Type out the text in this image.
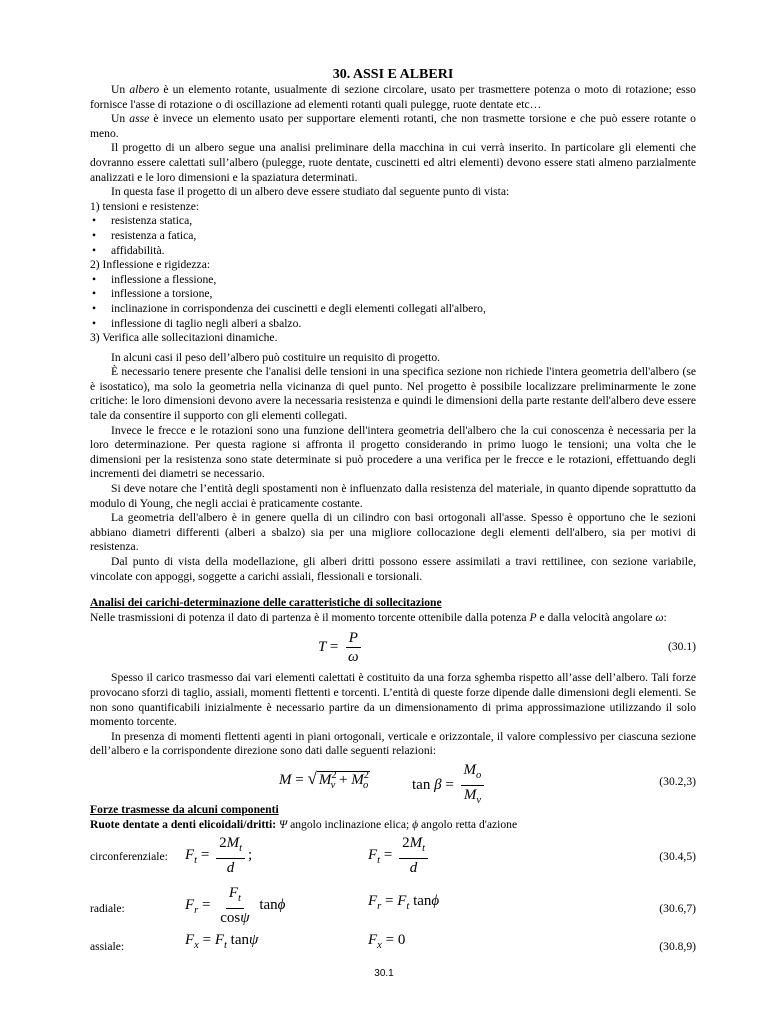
30. ASSI E ALBERI

Un albero è un elemento rotante, usualmente di sezione circolare, usato per trasmettere potenza o moto di rotazione; esso fornisce l'asse di rotazione o di oscillazione ad elementi rotanti quali pulegge, ruote dentate etc…

Un asse è invece un elemento usato per supportare elementi rotanti, che non trasmette torsione e che può essere rotante o meno.

Il progetto di un albero segue una analisi preliminare della macchina in cui verrà inserito. In particolare gli elementi che dovranno essere calettati sull’albero (pulegge, ruote dentate, cuscinetti ed altri elementi) devono essere stati almeno parzialmente analizzati e le loro dimensioni e la spaziatura determinati.

In questa fase il progetto di un albero deve essere studiato dal seguente punto di vista:

1) tensioni e resistenze:
• resistenza statica,
• resistenza a fatica,
• affidabilità.
2) Inflessione e rigidezza:
• inflessione a flessione,
• inflessione a torsione,
• inclinazione in corrispondenza dei cuscinetti e degli elementi collegati all'albero,
• inflessione di taglio negli alberi a sbalzo.
3) Verifica alle sollecitazioni dinamiche.

In alcuni casi il peso dell’albero può costituire un requisito di progetto.

È necessario tenere presente che l'analisi delle tensioni in una specifica sezione non richiede l'intera geometria dell'albero (se è isostatico), ma solo la geometria nella vicinanza di quel punto. Nel progetto è possibile localizzare preliminarmente le zone critiche: le loro dimensioni devono avere la necessaria resistenza e quindi le dimensioni della parte restante dell'albero deve essere tale da consentire il supporto con gli elementi collegati.

Invece le frecce e le rotazioni sono una funzione dell'intera geometria dell'albero che la cui conoscenza è necessaria per la loro determinazione. Per questa ragione si affronta il progetto considerando in primo luogo le tensioni; una volta che le dimensioni per la resistenza sono state determinate si può procedere a una verifica per le frecce e le rotazioni, effettuando degli incrementi dei diametri se necessario.

Si deve notare che l’entità degli spostamenti non è influenzato dalla resistenza del materiale, in quanto dipende soprattutto da modulo di Young, che negli acciai è praticamente costante.

La geometria dell'albero è in genere quella di un cilindro con basi ortogonali all'asse. Spesso è opportuno che le sezioni abbiano diametri differenti (alberi a sbalzo) sia per una migliore collocazione degli elementi dell'albero, sia per motivi di resistenza.

Dal punto di vista della modellazione, gli alberi dritti possono essere assimilati a travi rettilinee, con sezione variabile, vincolate con appoggi, soggette a carichi assiali, flessionali e torsionali.

Analisi dei carichi-determinazione delle caratteristiche di sollecitazione

Nelle trasmissioni di potenza il dato di partenza è il momento torcente ottenibile dalla potenza P e dalla velocità angolare ω:

$T = \frac{P}{\omega}$	(30.1)

Spesso il carico trasmesso dai vari elementi calettati è costituito da una forza sghemba rispetto all’asse dell’albero. Tali forze provocano sforzi di taglio, assiali, momenti flettenti e torcenti. L’entità di queste forze dipende dalle dimensioni degli elementi. Se non sono quantificabili inizialmente è necessario partire da un dimensionamento di prima approssimazione utilizzando il solo momento torcente.

In presenza di momenti flettenti agenti in piani ortogonali, verticale e orizzontale, il valore complessivo per ciascuna sezione dell’albero e la corrispondente direzione sono dati dalle seguenti relazioni:

M = √ $M^2_v + M^2_o$	$\tan \beta = \frac{M_o}{M_v}$	(30.2,3)
Forze trasmesse da alcuni componenti
Ruote dentate a denti elicoidali/dritti: Ψ angolo inclinazione elica; ϕ angolo retta d'azione
circonferenziale: $F_t = \frac{2M_t}{d}$ ;	$F_t = \frac{2M_t}{d}$	(30.4,5)
radiale:	$F_r = \frac{F_t}{\cos\psi}$ tanϕ	$F_r = F_t$ tanϕ	(30.6,7)
assiale:	$F_x = F_t$ tanψ	$F_x = 0$	(30.8,9)
30.1
